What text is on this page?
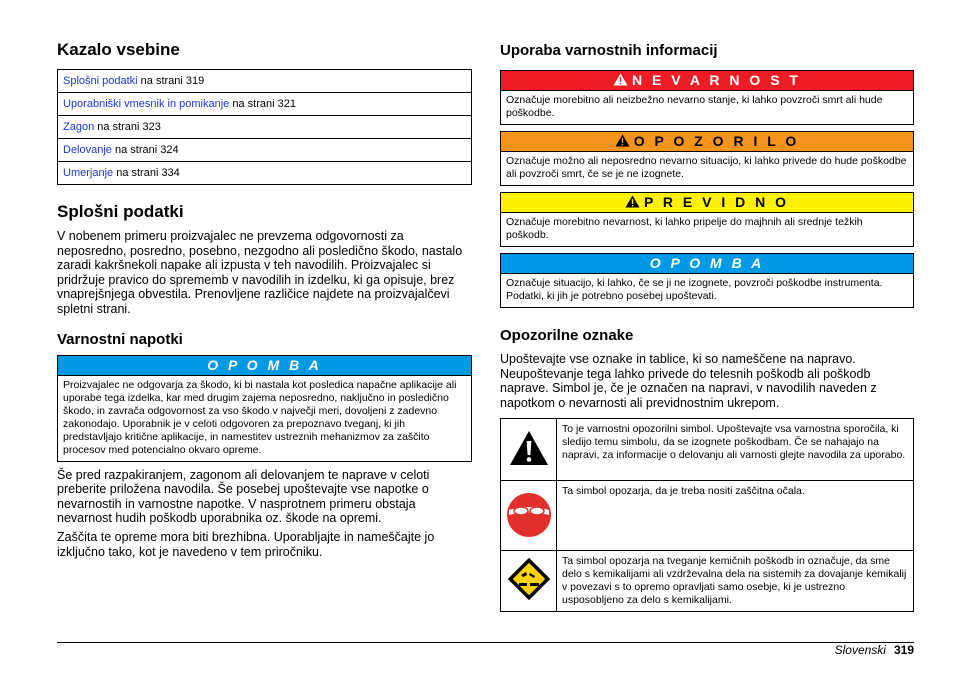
Kazalo vsebine
Splošni podatki na strani 319
Uporabniški vmesnik in pomikanje na strani 321
Zagon na strani 323
Delovanje na strani 324
Umerjanje na strani 334
Splošni podatki

V nobenem primeru proizvajalec ne prevzema odgovornosti za neposredno, posredno, posebno, nezgodno ali posledično škodo, nastalo zaradi kakršnekoli napake ali izpusta v teh navodilih. Proizvajalec si pridržuje pravico do sprememb v navodilih in izdelku, ki ga opisuje, brez vnaprejšnjega obvestila. Prenovljene različice najdete na proizvajalčevi spletni strani.

Varnostni napotki
O P O M B A
Proizvajalec ne odgovarja za škodo, ki bi nastala kot posledica napačne aplikacije ali uporabe tega izdelka, kar med drugim zajema neposredno, naključno in posledično škodo, in zavrača odgovornost za vso škodo v največji meri, dovoljeni z zadevno zakonodajo. Uporabnik je v celoti odgovoren za prepoznavo tveganj, ki jih predstavljajo kritične aplikacije, in namestitev ustreznih mehanizmov za zaščito procesov med potencialno okvaro opreme.

Še pred razpakiranjem, zagonom ali delovanjem te naprave v celoti preberite priložena navodila. Še posebej upoštevajte vse napotke o nevarnostih in varnostne napotke. V nasprotnem primeru obstaja nevarnost hudih poškodb uporabnika oz. škode na opremi.

Zaščita te opreme mora biti brezhibna. Uporabljajte in nameščajte jo izključno tako, kot je navedeno v tem priročniku.

Uporaba varnostnih informacij
N E V A R N O S T
Označuje morebitno ali neizbežno nevarno stanje, ki lahko povzroči smrt ali hude poškodbe.
O P O Z O R I L O
Označuje možno ali neposredno nevarno situacijo, ki lahko privede do hude poškodbe ali povzroči smrt, če se je ne izognete.
P R E V I D N O
Označuje morebitno nevarnost, ki lahko pripelje do majhnih ali srednje težkih poškodb.
O P O M B A
Označuje situacijo, ki lahko, če se ji ne izognete, povzroči poškodbe instrumenta. Podatki, ki jih je potrebno posebej upoštevati.
Opozorilne oznake

Upoštevajte vse oznake in tablice, ki so nameščene na napravo. Neupoštevanje tega lahko privede do telesnih poškodb ali poškodb naprave. Simbol je, če je označen na napravi, v navodilih naveden z napotkom o nevarnosti ali previdnostnim ukrepom.

	To je varnostni opozorilni simbol. Upoštevajte vsa varnostna sporočila, ki sledijo temu simbolu, da se izognete poškodbam. Če se nahajajo na napravi, za informacije o delovanju ali varnosti glejte navodila za uporabo.
	Ta simbol opozarja, da je treba nositi zaščitna očala.
	Ta simbol opozarja na tveganje kemičnih poškodb in označuje, da sme delo s kemikalijami ali vzdrževalna dela na sistemih za dovajanje kemikalij v povezavi s to opremo opravljati samo osebje, ki je ustrezno usposobljeno za delo s kemikalijami.
Slovenski 319
